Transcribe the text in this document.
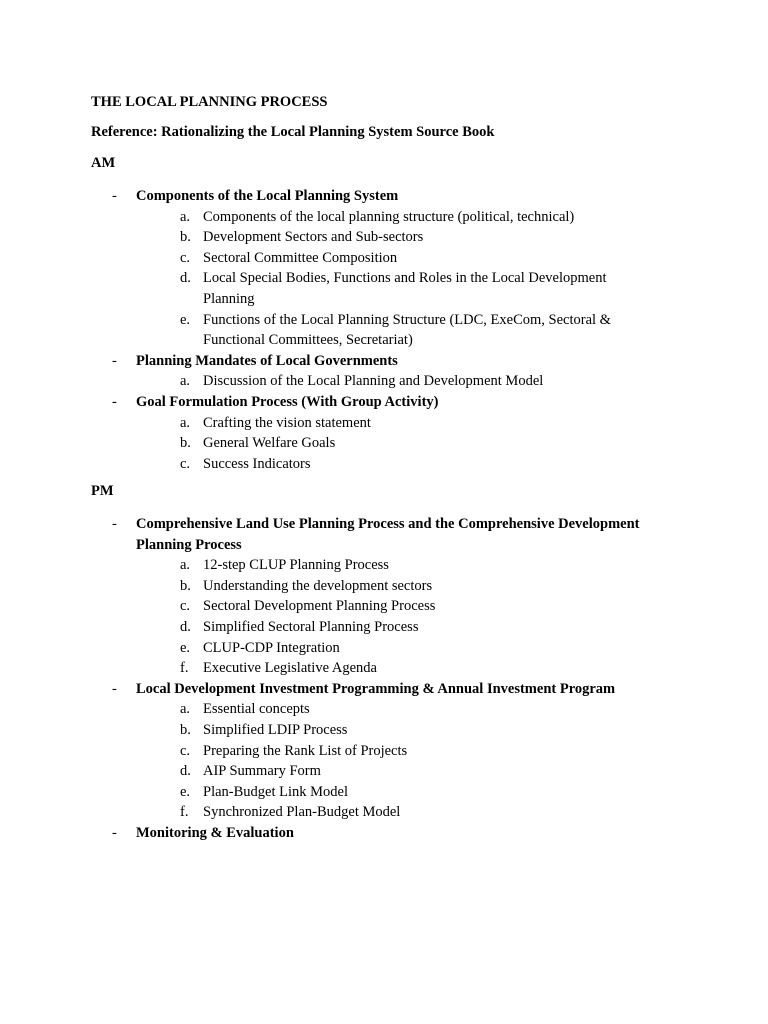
THE LOCAL PLANNING PROCESS
Reference: Rationalizing the Local Planning System Source Book
AM
- Components of the Local Planning System
a. Components of the local planning structure (political, technical)
b. Development Sectors and Sub-sectors
c. Sectoral Committee Composition
d. Local Special Bodies, Functions and Roles in the Local Development Planning
e. Functions of the Local Planning Structure (LDC, ExeCom, Sectoral & Functional Committees, Secretariat)
- Planning Mandates of Local Governments
a. Discussion of the Local Planning and Development Model
- Goal Formulation Process (With Group Activity)
a. Crafting the vision statement
b. General Welfare Goals
c. Success Indicators
PM
- Comprehensive Land Use Planning Process and the Comprehensive Development Planning Process
a. 12-step CLUP Planning Process
b. Understanding the development sectors
c. Sectoral Development Planning Process
d. Simplified Sectoral Planning Process
e. CLUP-CDP Integration
f. Executive Legislative Agenda
- Local Development Investment Programming & Annual Investment Program
a. Essential concepts
b. Simplified LDIP Process
c. Preparing the Rank List of Projects
d. AIP Summary Form
e. Plan-Budget Link Model
f. Synchronized Plan-Budget Model
- Monitoring & Evaluation
